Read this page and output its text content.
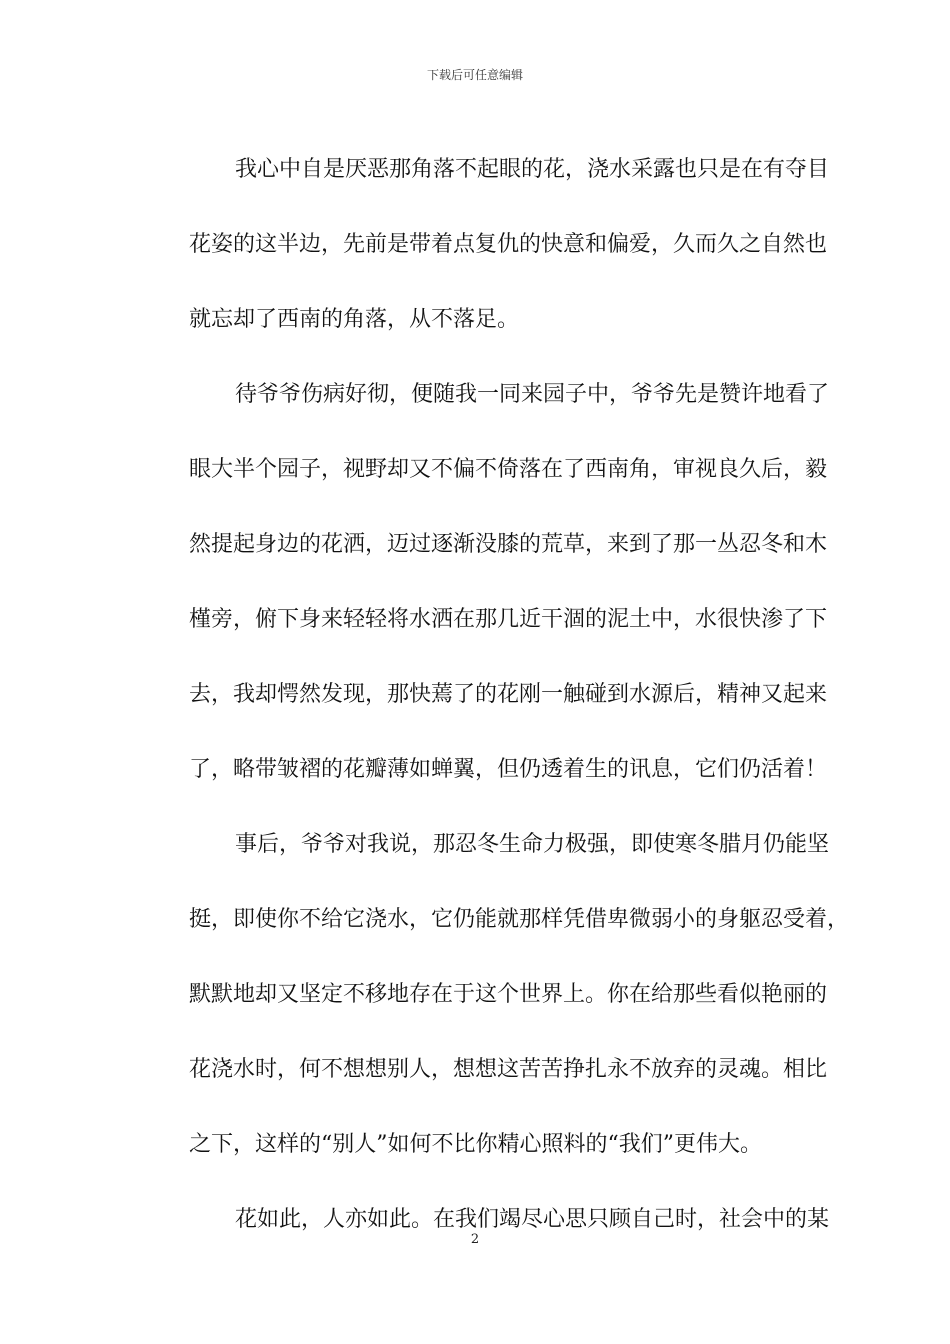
下载后可任意编辑
我心中自是厌恶那角落不起眼的花，浇水采露也只是在有夺目
花姿的这半边，先前是带着点复仇的快意和偏爱，久而久之自然也
就忘却了西南的角落，从不落足。
待爷爷伤病好彻，便随我一同来园子中，爷爷先是赞许地看了
眼大半个园子，视野却又不偏不倚落在了西南角，审视良久后，毅
然提起身边的花洒，迈过逐渐没膝的荒草，来到了那一丛忍冬和木
槿旁，俯下身来轻轻将水洒在那几近干涸的泥土中，水很快渗了下
去，我却愕然发现，那快蔫了的花刚一触碰到水源后，精神又起来
了，略带皱褶的花瓣薄如蝉翼，但仍透着生的讯息，它们仍活着！
事后，爷爷对我说，那忍冬生命力极强，即使寒冬腊月仍能坚
挺，即使你不给它浇水，它仍能就那样凭借卑微弱小的身躯忍受着，
默默地却又坚定不移地存在于这个世界上。你在给那些看似艳丽的
花浇水时，何不想想别人，想想这苦苦挣扎永不放弃的灵魂。相比
之下，这样的“别人”如何不比你精心照料的“我们”更伟大。
花如此，人亦如此。在我们竭尽心思只顾自己时，社会中的某
2
